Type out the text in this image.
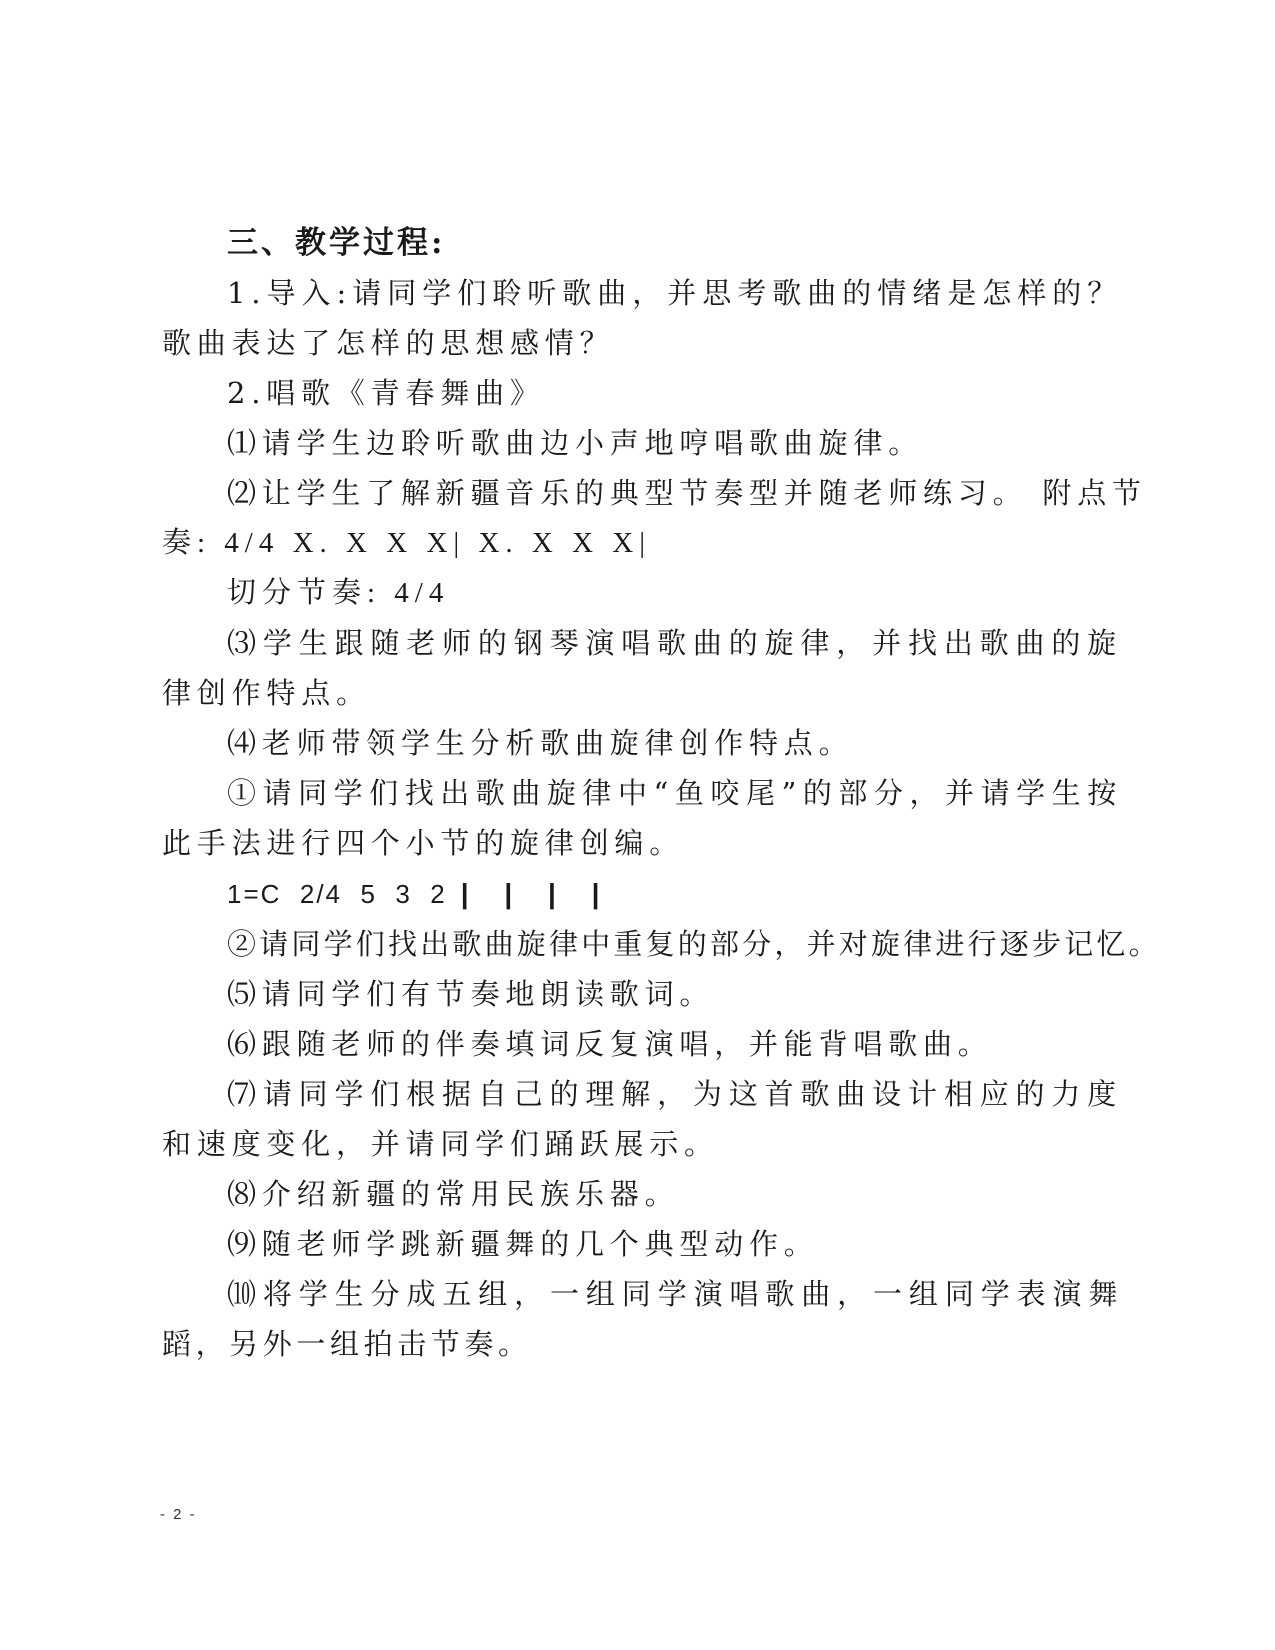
三、教学过程:

1.导入:请同学们聆听歌曲，并思考歌曲的情绪是怎样的？歌曲表达了怎样的思想感情？

2.唱歌《青春舞曲》
⑴请学生边聆听歌曲边小声地哼唱歌曲旋律。
⑵让学生了解新疆音乐的典型节奏型并随老师练习。 附点节
奏: 4/4 X. X X X| X. X X X|
切分节奏: 4/4

⑶学生跟随老师的钢琴演唱歌曲的旋律，并找出歌曲的旋律创作特点。

⑷老师带领学生分析歌曲旋律创作特点。

①请同学们找出歌曲旋律中“鱼咬尾”的部分，并请学生按此手法进行四个小节的旋律创编。

1=C  2/4  5  3  2 | | | |
②请同学们找出歌曲旋律中重复的部分，并对旋律进行逐步记忆。
⑸请同学们有节奏地朗读歌词。
⑹跟随老师的伴奏填词反复演唱，并能背唱歌曲。

⑺请同学们根据自己的理解，为这首歌曲设计相应的力度和速度变化，并请同学们踊跃展示。

⑻介绍新疆的常用民族乐器。
⑼随老师学跳新疆舞的几个典型动作。

⑽将学生分成五组，一组同学演唱歌曲，一组同学表演舞蹈，另外一组拍击节奏。

- 2 -
